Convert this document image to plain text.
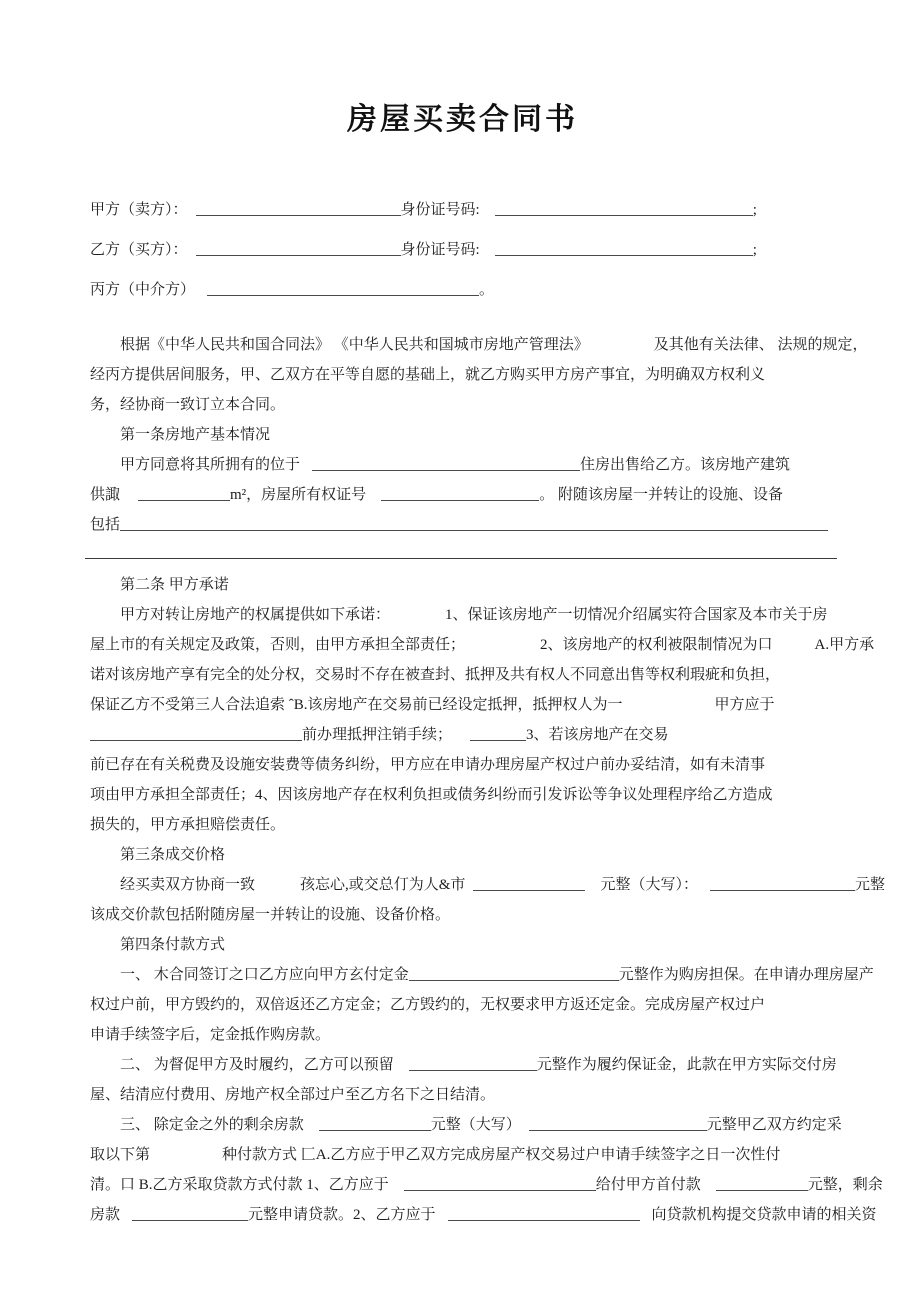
房屋买卖合同书
甲方（卖方）：	身份证号码:	;
乙方（买方）：	身份证号码:	;
丙方（中介方）	。
根据《中华人民共和国合同法》 《中华人民共和国城市房地产管理法》	及其他有关法律、 法规的规定，
经丙方提供居间服务，甲、乙双方在平等自愿的基础上，就乙方购买甲方房产事宜，为明确双方权利义
务，经协商一致订立本合同。
第一条房地产基本情况
甲方同意将其所拥有的位于	住房出售给乙方。该房地产建筑
供諏	m²，房屋所有权证号	。 附随该房屋一并转让的设施、设备
包括
第二条 甲方承诺
甲方对转让房地产的权属提供如下承诺：	1、保证该房地产一切情况介绍属实符合国家及本市关于房
屋上市的有关规定及政策，否则，由甲方承担全部责任；	2、该房地产的权利被限制情况为口	A.甲方承
诺对该房地产享有完全的处分权，交易时不存在被查封、抵押及共有权人不同意出售等权利瑕疵和负担，
保证乙方不受第三人合法追索 ˆB.该房地产在交易前已经设定抵押，抵押权人为一	甲方应于
前办理抵押注销手续；	3、若该房地产在交易
前已存在有关税费及设施安装费等债务纠纷，甲方应在申请办理房屋产权过户前办妥结清，如有未清事
项由甲方承担全部责任；4、因该房地产存在权利负担或债务纠纷而引发诉讼等争议处理程序给乙方造成
损失的，甲方承担赔偿责任。
第三条成交价格
经买卖双方协商一致	孩忘心,或交总仃为人&市	元整（大写）：	元整
该成交价款包括附随房屋一并转让的设施、设备价格。
第四条付款方式
一、 木合同签订之口乙方应向甲方玄付定金	元整作为购房担保。在申请办理房屋产
权过户前，甲方毁约的，双倍返还乙方定金；乙方毁约的，无权要求甲方返还定金。完成房屋产权过户
申请手续签字后，定金抵作购房款。
二、 为督促甲方及时履约，乙方可以预留	元整作为履约保证金，此款在甲方实际交付房
屋、结清应付费用、房地产权全部过户至乙方名下之日结清。
三、 除定金之外的剩余房款	元整（大写）	元整甲乙双方约定采
取以下第	种付款方式 匚A.乙方应于甲乙双方完成房屋产权交易过户申请手续签字之日一次性付
清。口 B.乙方采取贷款方式付款 1、乙方应于	给付甲方首付款	元整，剩余
房款	元整申请贷款。2、乙方应于	向贷款机构提交贷款申请的相关资
